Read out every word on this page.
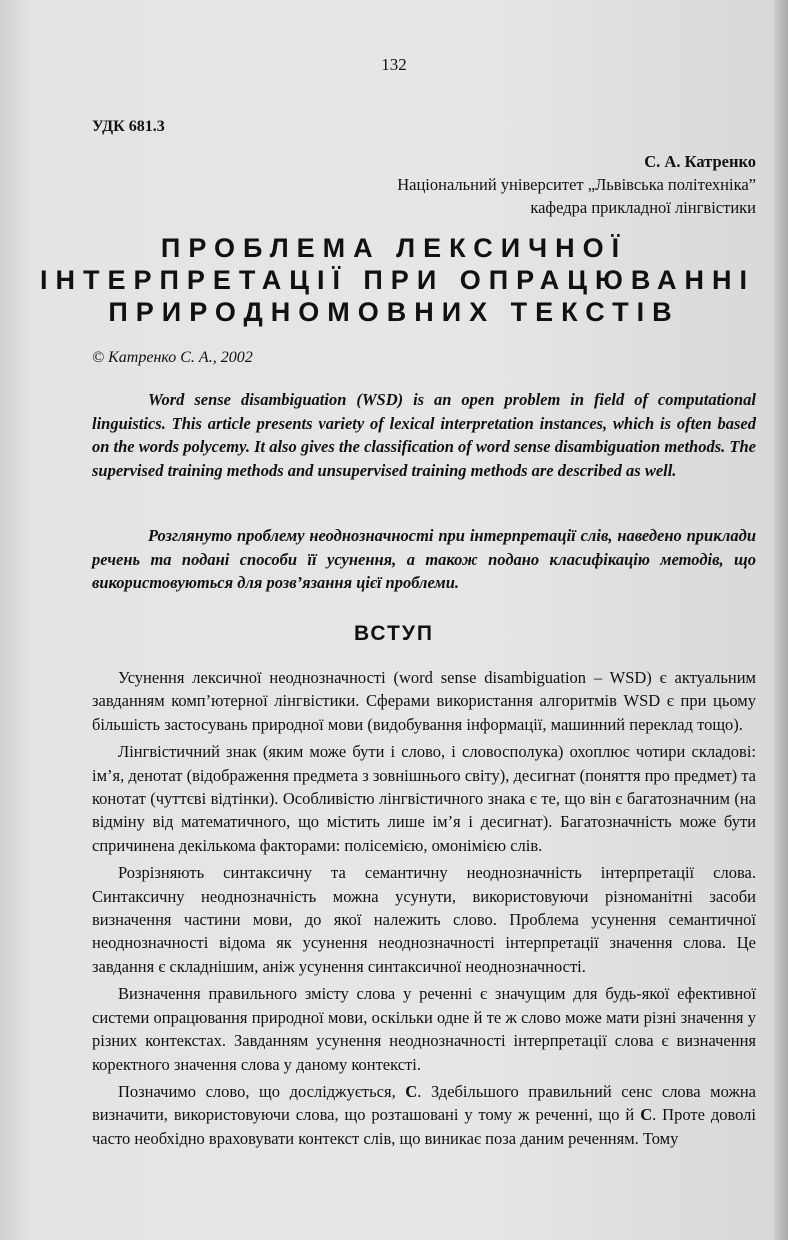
132
УДК 681.3
С. А. Катренко
Національний університет „Львівська політехніка”
кафедра прикладної лінгвістики
ПРОБЛЕМА ЛЕКСИЧНОЇ
ІНТЕРПРЕТАЦІЇ ПРИ ОПРАЦЮВАННІ
ПРИРОДНОМОВНИХ ТЕКСТІВ
© Катренко С. А., 2002

Word sense disambiguation (WSD) is an open problem in field of computational linguistics. This article presents variety of lexical interpretation instances, which is often based on the words polycemy. It also gives the classification of word sense disambiguation methods. The supervised training methods and unsupervised training methods are described as well.

Розглянуто проблему неоднозначності при інтерпретації слів, наведено приклади речень та подані способи її усунення, а також подано класифікацію методів, що використовуються для розв’язання цієї проблеми.

ВСТУП

Усунення лексичної неоднозначності (word sense disambiguation – WSD) є актуальним завданням комп’ютерної лінгвістики. Сферами використання алгоритмів WSD є при цьому більшість застосувань природної мови (видобування інформації, машинний переклад тощо).

Лінгвістичний знак (яким може бути і слово, і словосполука) охоплює чотири складові: ім’я, денотат (відображення предмета з зовнішнього світу), десигнат (поняття про предмет) та конотат (чуттєві відтінки). Особливістю лінгвістичного знака є те, що він є багатозначним (на відміну від математичного, що містить лише ім’я і десигнат). Багатозначність може бути спричинена декількома факторами: полісемією, омонімією слів.

Розрізняють синтаксичну та семантичну неоднозначність інтерпретації слова. Синтаксичну неоднозначність можна усунути, використовуючи різноманітні засоби визначення частини мови, до якої належить слово. Проблема усунення семантичної неоднозначності відома як усунення неоднозначності інтерпретації значення слова. Це завдання є складнішим, аніж усунення синтаксичної неоднозначності.

Визначення правильного змісту слова у реченні є значущим для будь-якої ефективної системи опрацювання природної мови, оскільки одне й те ж слово може мати різні значення у різних контекстах. Завданням усунення неоднозначності інтерпретації слова є визначення коректного значення слова у даному контексті.

Позначимо слово, що досліджується, С. Здебільшого правильний сенс слова можна визначити, використовуючи слова, що розташовані у тому ж реченні, що й С. Проте доволі часто необхідно враховувати контекст слів, що виникає поза даним реченням. Тому
